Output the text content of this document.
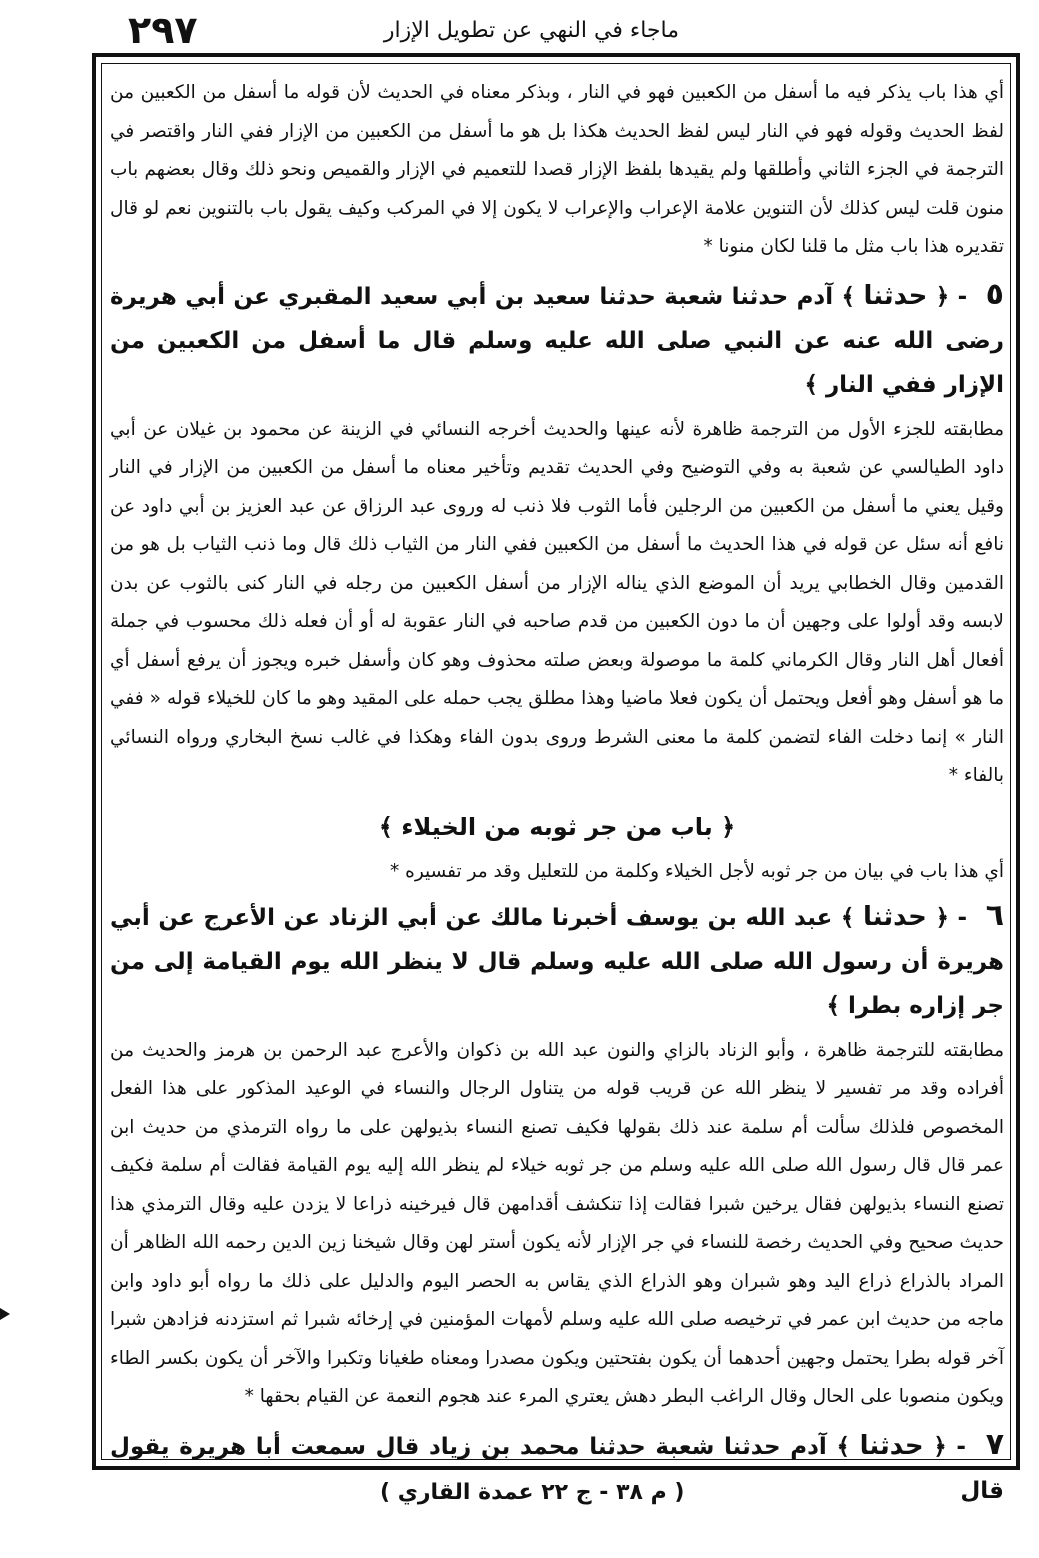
٢٩٧	ماجاء في النهي عن تطويل الإزار

أي هذا باب يذكر فيه ما أسفل من الكعبين فهو في النار ، وبذكر معناه في الحديث لأن قوله ما أسفل من الكعبين من لفظ الحديث وقوله فهو في النار ليس لفظ الحديث هكذا بل هو ما أسفل من الكعبين من الإزار ففي النار واقتصر في الترجمة في الجزء الثاني وأطلقها ولم يقيدها بلفظ الإزار قصدا للتعميم في الإزار والقميص ونحو ذلك وقال بعضهم باب منون قلت ليس كذلك لأن التنوين علامة الإعراب والإعراب لا يكون إلا في المركب وكيف يقول باب بالتنوين نعم لو قال تقديره هذا باب مثل ما قلنا لكان منونا *

٥ - ﴿ حدثنا ﴾ آدم حدثنا شعبة حدثنا سعيد بن أبي سعيد المقبري عن أبي هريرة رضى الله عنه عن النبي صلى الله عليه وسلم قال ما أسفل من الكعبين من الإزار ففي النار ﴾

مطابقته للجزء الأول من الترجمة ظاهرة لأنه عينها والحديث أخرجه النسائي في الزينة عن محمود بن غيلان عن أبي داود الطيالسي عن شعبة به وفي التوضيح وفي الحديث تقديم وتأخير معناه ما أسفل من الكعبين من الإزار في النار وقيل يعني ما أسفل من الكعبين من الرجلين فأما الثوب فلا ذنب له وروى عبد الرزاق عن عبد العزيز بن أبي داود عن نافع أنه سئل عن قوله في هذا الحديث ما أسفل من الكعبين ففي النار من الثياب ذلك قال وما ذنب الثياب بل هو من القدمين وقال الخطابي يريد أن الموضع الذي يناله الإزار من أسفل الكعبين من رجله في النار كنى بالثوب عن بدن لابسه وقد أولوا على وجهين أن ما دون الكعبين من قدم صاحبه في النار عقوبة له أو أن فعله ذلك محسوب في جملة أفعال أهل النار وقال الكرماني كلمة ما موصولة وبعض صلته محذوف وهو كان وأسفل خبره ويجوز أن يرفع أسفل أي ما هو أسفل وهو أفعل ويحتمل أن يكون فعلا ماضيا وهذا مطلق يجب حمله على المقيد وهو ما كان للخيلاء قوله « ففي النار » إنما دخلت الفاء لتضمن كلمة ما معنى الشرط وروى بدون الفاء وهكذا في غالب نسخ البخاري ورواه النسائي بالفاء *

﴿ باب من جر ثوبه من الخيلاء ﴾

أي هذا باب في بيان من جر ثوبه لأجل الخيلاء وكلمة من للتعليل وقد مر تفسيره *

٦ - ﴿ حدثنا ﴾ عبد الله بن يوسف أخبرنا مالك عن أبي الزناد عن الأعرج عن أبي هريرة أن رسول الله صلى الله عليه وسلم قال لا ينظر الله يوم القيامة إلى من جر إزاره بطرا ﴾

مطابقته للترجمة ظاهرة ، وأبو الزناد بالزاي والنون عبد الله بن ذكوان والأعرج عبد الرحمن بن هرمز والحديث من أفراده وقد مر تفسير لا ينظر الله عن قريب قوله من يتناول الرجال والنساء في الوعيد المذكور على هذا الفعل المخصوص فلذلك سألت أم سلمة عند ذلك بقولها فكيف تصنع النساء بذيولهن على ما رواه الترمذي من حديث ابن عمر قال قال رسول الله صلى الله عليه وسلم من جر ثوبه خيلاء لم ينظر الله إليه يوم القيامة فقالت أم سلمة فكيف تصنع النساء بذيولهن فقال يرخين شبرا فقالت إذا تنكشف أقدامهن قال فيرخينه ذراعا لا يزدن عليه وقال الترمذي هذا حديث صحيح وفي الحديث رخصة للنساء في جر الإزار لأنه يكون أستر لهن وقال شيخنا زين الدين رحمه الله الظاهر أن المراد بالذراع ذراع اليد وهو شبران وهو الذراع الذي يقاس به الحصر اليوم والدليل على ذلك ما رواه أبو داود وابن ماجه من حديث ابن عمر في ترخيصه صلى الله عليه وسلم لأمهات المؤمنين في إرخائه شبرا ثم استزدنه فزادهن شبرا آخر قوله بطرا يحتمل وجهين أحدهما أن يكون بفتحتين ويكون مصدرا ومعناه طغيانا وتكبرا والآخر أن يكون بكسر الطاء ويكون منصوبا على الحال وقال الراغب البطر دهش يعتري المرء عند هجوم النعمة عن القيام بحقها *

٧ - ﴿ حدثنا ﴾ آدم حدثنا شعبة حدثنا محمد بن زياد قال سمعت أبا هريرة يقول قال

( م ٣٨ - ج ٢٢ عمدة القاري )
